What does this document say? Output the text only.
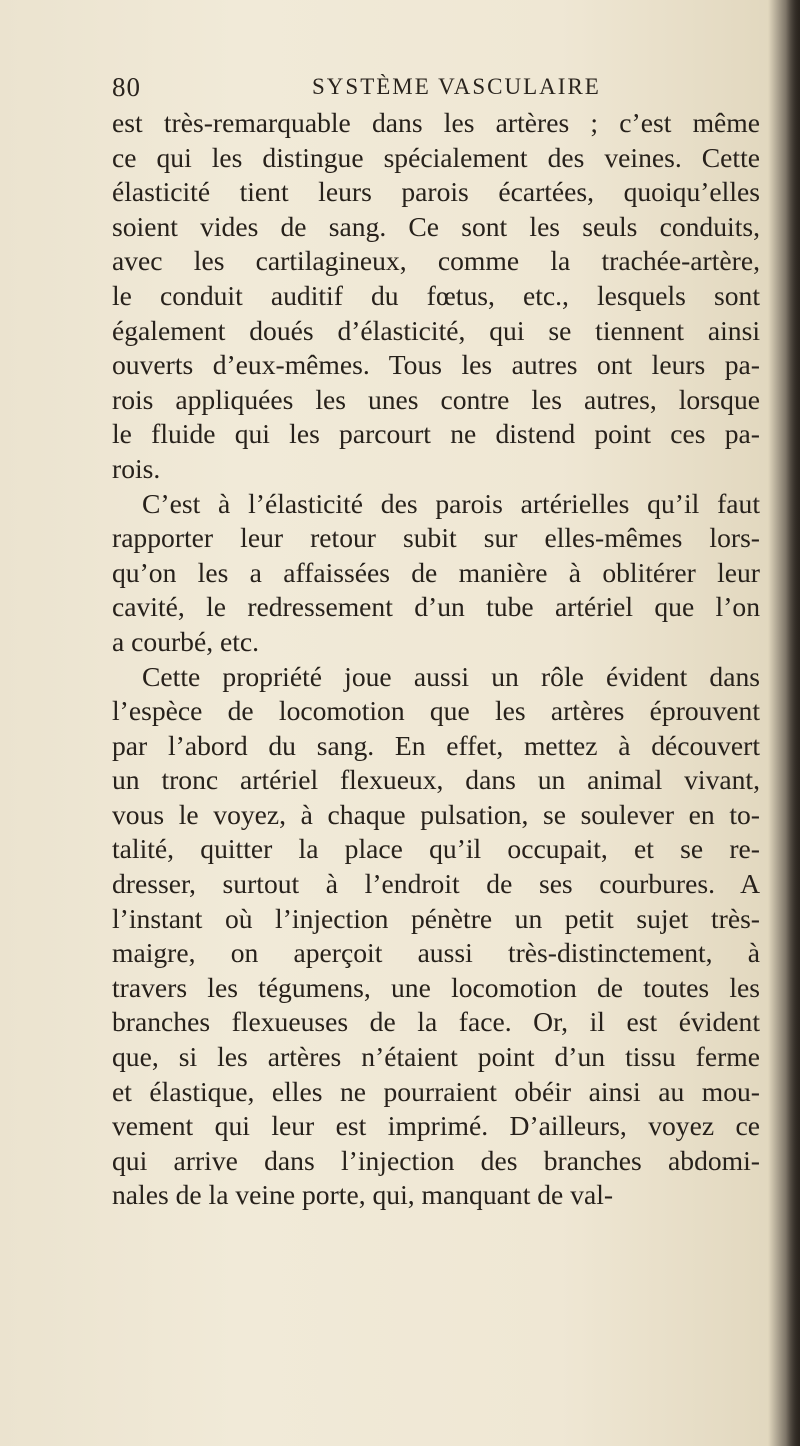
80	SYSTÈME VASCULAIRE

est très-remarquable dans les artères ; c’est même
ce qui les distingue spécialement des veines. Cette
élasticité tient leurs parois écartées, quoiqu’elles
soient vides de sang. Ce sont les seuls conduits,
avec les cartilagineux, comme la trachée-artère,
le conduit auditif du fœtus, etc., lesquels sont
également doués d’élasticité, qui se tiennent ainsi
ouverts d’eux-mêmes. Tous les autres ont leurs pa-
rois appliquées les unes contre les autres, lorsque
le fluide qui les parcourt ne distend point ces pa-
rois.

C’est à l’élasticité des parois artérielles qu’il faut
rapporter leur retour subit sur elles-mêmes lors-
qu’on les a affaissées de manière à oblitérer leur
cavité, le redressement d’un tube artériel que l’on
a courbé, etc.

Cette propriété joue aussi un rôle évident dans
l’espèce de locomotion que les artères éprouvent
par l’abord du sang. En effet, mettez à découvert
un tronc artériel flexueux, dans un animal vivant,
vous le voyez, à chaque pulsation, se soulever en to-
talité, quitter la place qu’il occupait, et se re-
dresser, surtout à l’endroit de ses courbures. A
l’instant où l’injection pénètre un petit sujet très-
maigre, on aperçoit aussi très-distinctement, à
travers les tégumens, une locomotion de toutes les
branches flexueuses de la face. Or, il est évident
que, si les artères n’étaient point d’un tissu ferme
et élastique, elles ne pourraient obéir ainsi au mou-
vement qui leur est imprimé. D’ailleurs, voyez ce
qui arrive dans l’injection des branches abdomi-
nales de la veine porte, qui, manquant de val-
